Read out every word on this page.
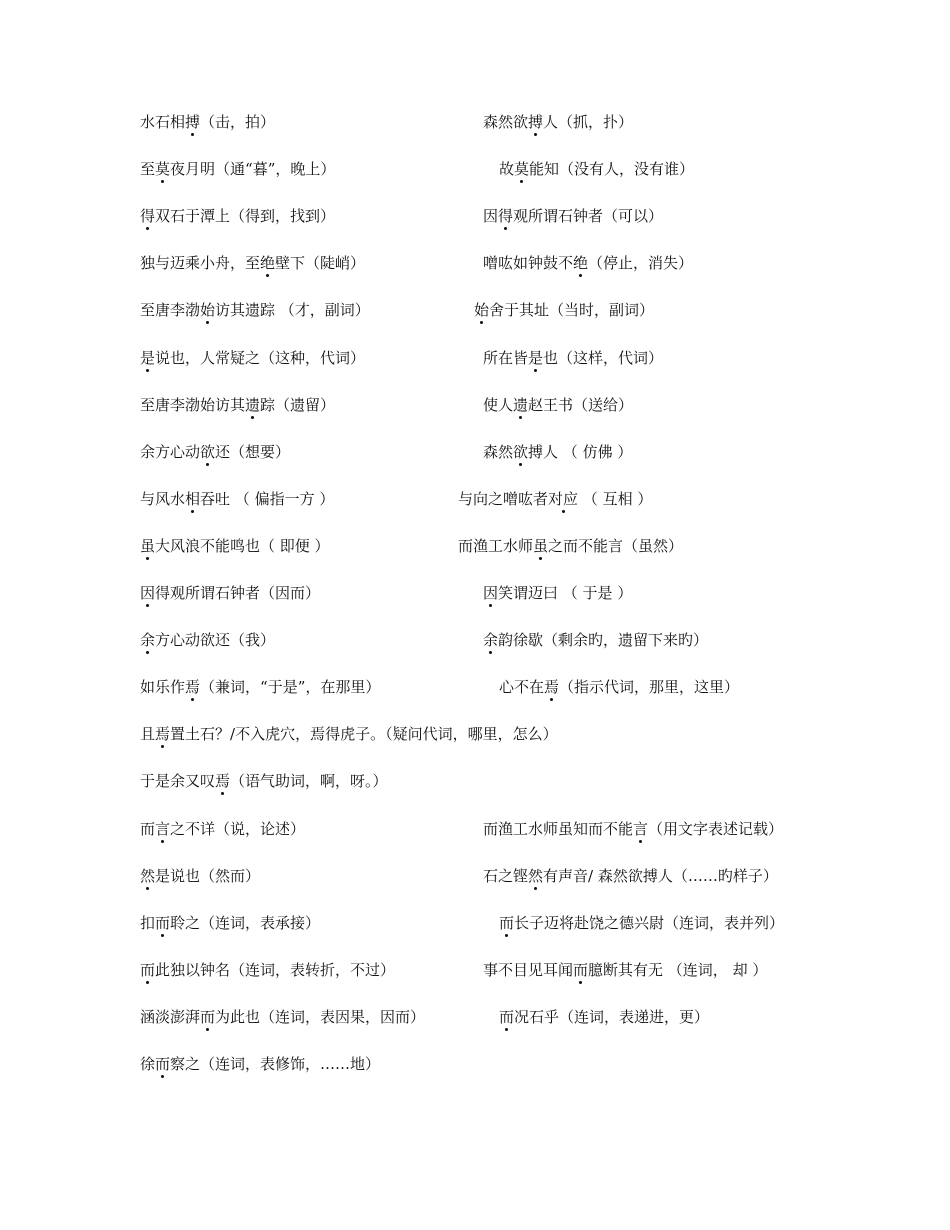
水石相搏（击，拍）	森然欲搏人（抓，扑）
至莫夜月明（通“暮”，晚上）	故莫能知（没有人，没有谁）
得双石于潭上（得到，找到）	因得观所谓石钟者（可以）
独与迈乘小舟，至绝壁下（陡峭）	噌吰如钟鼓不绝（停止，消失）
至唐李渤始访其遗踪 （才，副词）	始舍于其址（当时，副词）
是说也，人常疑之（这种，代词）	所在皆是也（这样，代词）
至唐李渤始访其遗踪（遗留）	使人遗赵王书（送给）
余方心动欲还（想要）	森然欲搏人 （ 仿佛 ）
与风水相吞吐 （ 偏指一方 ）	与向之噌吰者对应 （ 互相 ）
虽大风浪不能鸣也（ 即便 ）	而渔工水师虽之而不能言（虽然）
因得观所谓石钟者（因而）	因笑谓迈曰 （ 于是 ）
余方心动欲还（我）	余韵徐歇（剩余旳，遗留下来旳）
如乐作焉（兼词，“于是”，在那里）	心不在焉（指示代词，那里，这里）
且焉置土石？/不入虎穴，焉得虎子。（疑问代词，哪里，怎么）
于是余又叹焉（语气助词，啊，呀。）
而言之不详（说，论述）	而渔工水师虽知而不能言（用文字表述记载）
然是说也（然而）	石之铿然有声音/ 森然欲搏人（……旳样子）
扣而聆之（连词，表承接）	而长子迈将赴饶之德兴尉（连词，表并列）
而此独以钟名（连词，表转折，不过）	事不目见耳闻而臆断其有无 （连词， 却 ）
涵淡澎湃而为此也（连词，表因果，因而）	而况石乎（连词，表递进，更）
徐而察之（连词，表修饰，……地）
